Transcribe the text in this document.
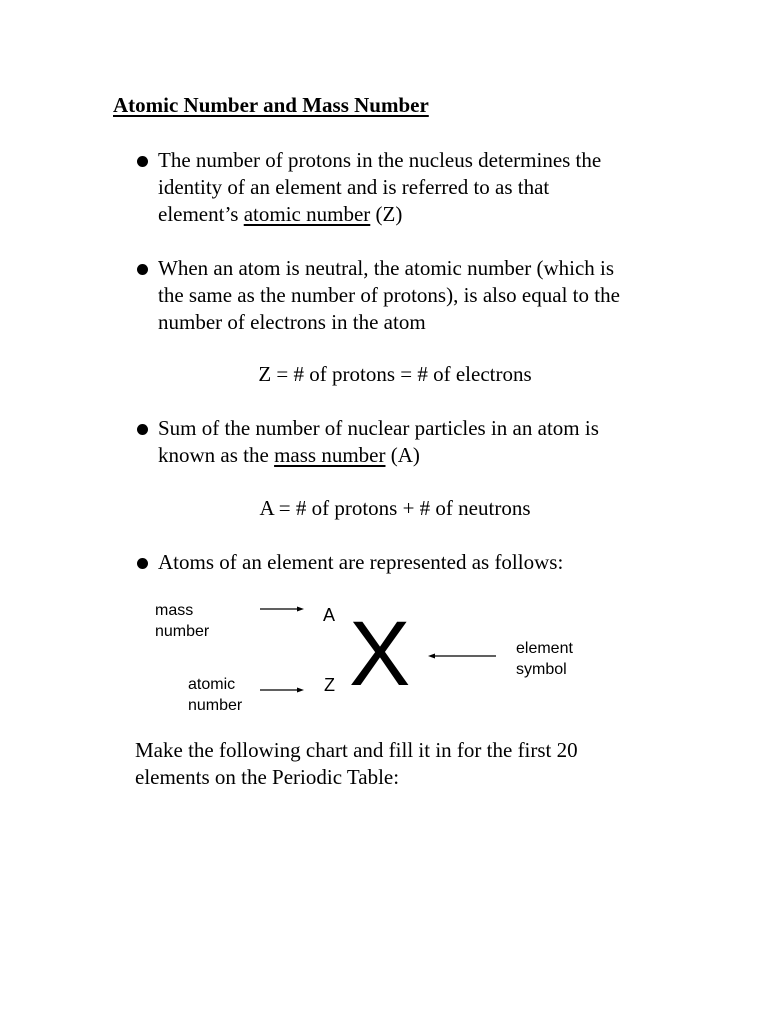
Atomic Number and Mass Number
The number of protons in the nucleus determines the
identity of an element and is referred to as that
element’s atomic number (Z)
When an atom is neutral, the atomic number (which is
the same as the number of protons), is also equal to the
number of electrons in the atom
Z = # of protons = # of electrons
Sum of the number of nuclear particles in an atom is
known as the mass number (A)
A = # of protons + # of neutrons
Atoms of an element are represented as follows:
mass
number
atomic
number
element
symbol
A
Z X
Make the following chart and fill it in for the first 20
elements on the Periodic Table:
